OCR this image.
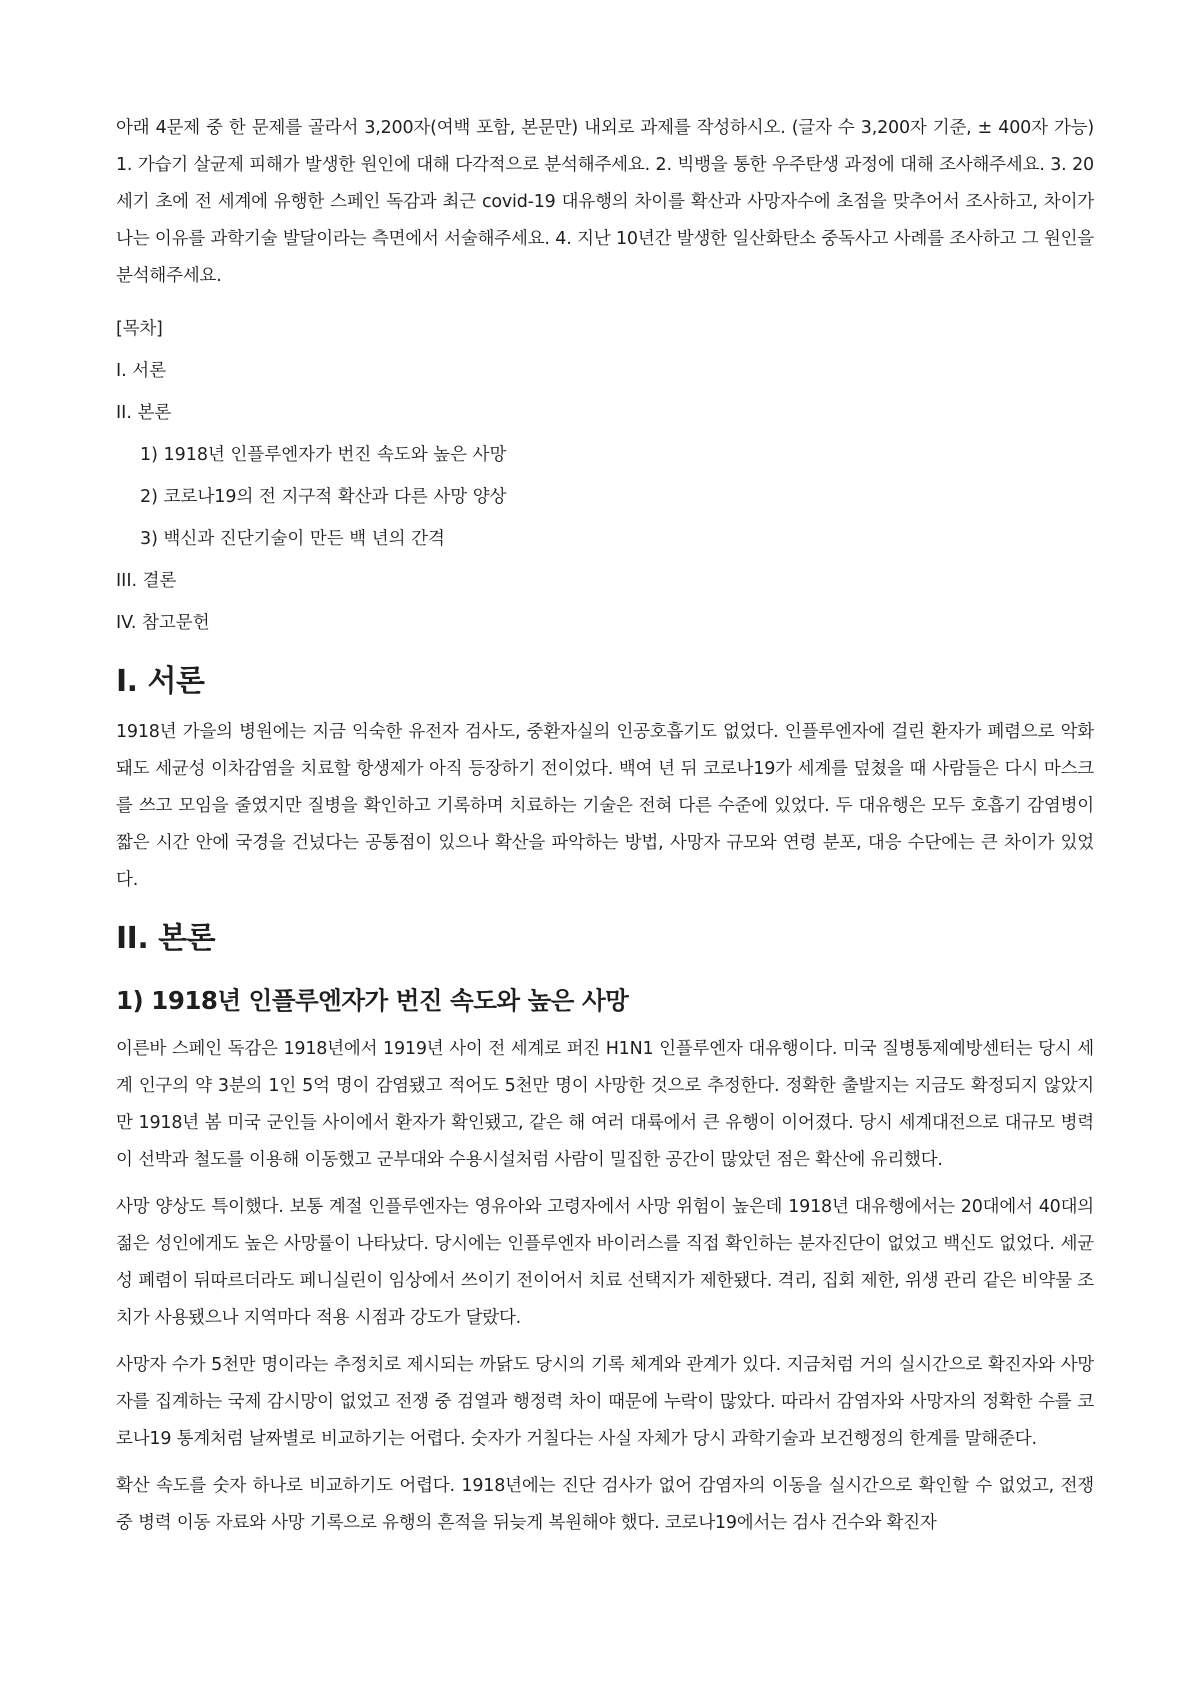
아래 4문제 중 한 문제를 골라서 3,200자(여백 포함, 본문만) 내외로 과제를 작성하시오. (글자 수 3,200자 기준, ± 400자 가능) 1. 가습기 살균제 피해가 발생한 원인에 대해 다각적으로 분석해주세요. 2. 빅뱅을 통한 우주탄생 과정에 대해 조사해주세요. 3. 20세기 초에 전 세계에 유행한 스페인 독감과 최근 covid-19 대유행의 차이를 확산과 사망자수에 초점을 맞추어서 조사하고, 차이가 나는 이유를 과학기술 발달이라는 측면에서 서술해주세요. 4. 지난 10년간 발생한 일산화탄소 중독사고 사례를 조사하고 그 원인을 분석해주세요.

[목차]

I. 서론
II. 본론
1) 1918년 인플루엔자가 번진 속도와 높은 사망
2) 코로나19의 전 지구적 확산과 다른 사망 양상
3) 백신과 진단기술이 만든 백 년의 간격
III. 결론
IV. 참고문헌
I. 서론

1918년 가을의 병원에는 지금 익숙한 유전자 검사도, 중환자실의 인공호흡기도 없었다. 인플루엔자에 걸린 환자가 폐렴으로 악화돼도 세균성 이차감염을 치료할 항생제가 아직 등장하기 전이었다. 백여 년 뒤 코로나19가 세계를 덮쳤을 때 사람들은 다시 마스크를 쓰고 모임을 줄였지만 질병을 확인하고 기록하며 치료하는 기술은 전혀 다른 수준에 있었다. 두 대유행은 모두 호흡기 감염병이 짧은 시간 안에 국경을 건넜다는 공통점이 있으나 확산을 파악하는 방법, 사망자 규모와 연령 분포, 대응 수단에는 큰 차이가 있었다.

II. 본론
1) 1918년 인플루엔자가 번진 속도와 높은 사망

이른바 스페인 독감은 1918년에서 1919년 사이 전 세계로 퍼진 H1N1 인플루엔자 대유행이다. 미국 질병통제예방센터는 당시 세계 인구의 약 3분의 1인 5억 명이 감염됐고 적어도 5천만 명이 사망한 것으로 추정한다. 정확한 출발지는 지금도 확정되지 않았지만 1918년 봄 미국 군인들 사이에서 환자가 확인됐고, 같은 해 여러 대륙에서 큰 유행이 이어졌다. 당시 세계대전으로 대규모 병력이 선박과 철도를 이용해 이동했고 군부대와 수용시설처럼 사람이 밀집한 공간이 많았던 점은 확산에 유리했다.

사망 양상도 특이했다. 보통 계절 인플루엔자는 영유아와 고령자에서 사망 위험이 높은데 1918년 대유행에서는 20대에서 40대의 젊은 성인에게도 높은 사망률이 나타났다. 당시에는 인플루엔자 바이러스를 직접 확인하는 분자진단이 없었고 백신도 없었다. 세균성 폐렴이 뒤따르더라도 페니실린이 임상에서 쓰이기 전이어서 치료 선택지가 제한됐다. 격리, 집회 제한, 위생 관리 같은 비약물 조치가 사용됐으나 지역마다 적용 시점과 강도가 달랐다.

사망자 수가 5천만 명이라는 추정치로 제시되는 까닭도 당시의 기록 체계와 관계가 있다. 지금처럼 거의 실시간으로 확진자와 사망자를 집계하는 국제 감시망이 없었고 전쟁 중 검열과 행정력 차이 때문에 누락이 많았다. 따라서 감염자와 사망자의 정확한 수를 코로나19 통계처럼 날짜별로 비교하기는 어렵다. 숫자가 거칠다는 사실 자체가 당시 과학기술과 보건행정의 한계를 말해준다.

확산 속도를 숫자 하나로 비교하기도 어렵다. 1918년에는 진단 검사가 없어 감염자의 이동을 실시간으로 확인할 수 없었고, 전쟁 중 병력 이동 자료와 사망 기록으로 유행의 흔적을 뒤늦게 복원해야 했다. 코로나19에서는 검사 건수와 확진자
